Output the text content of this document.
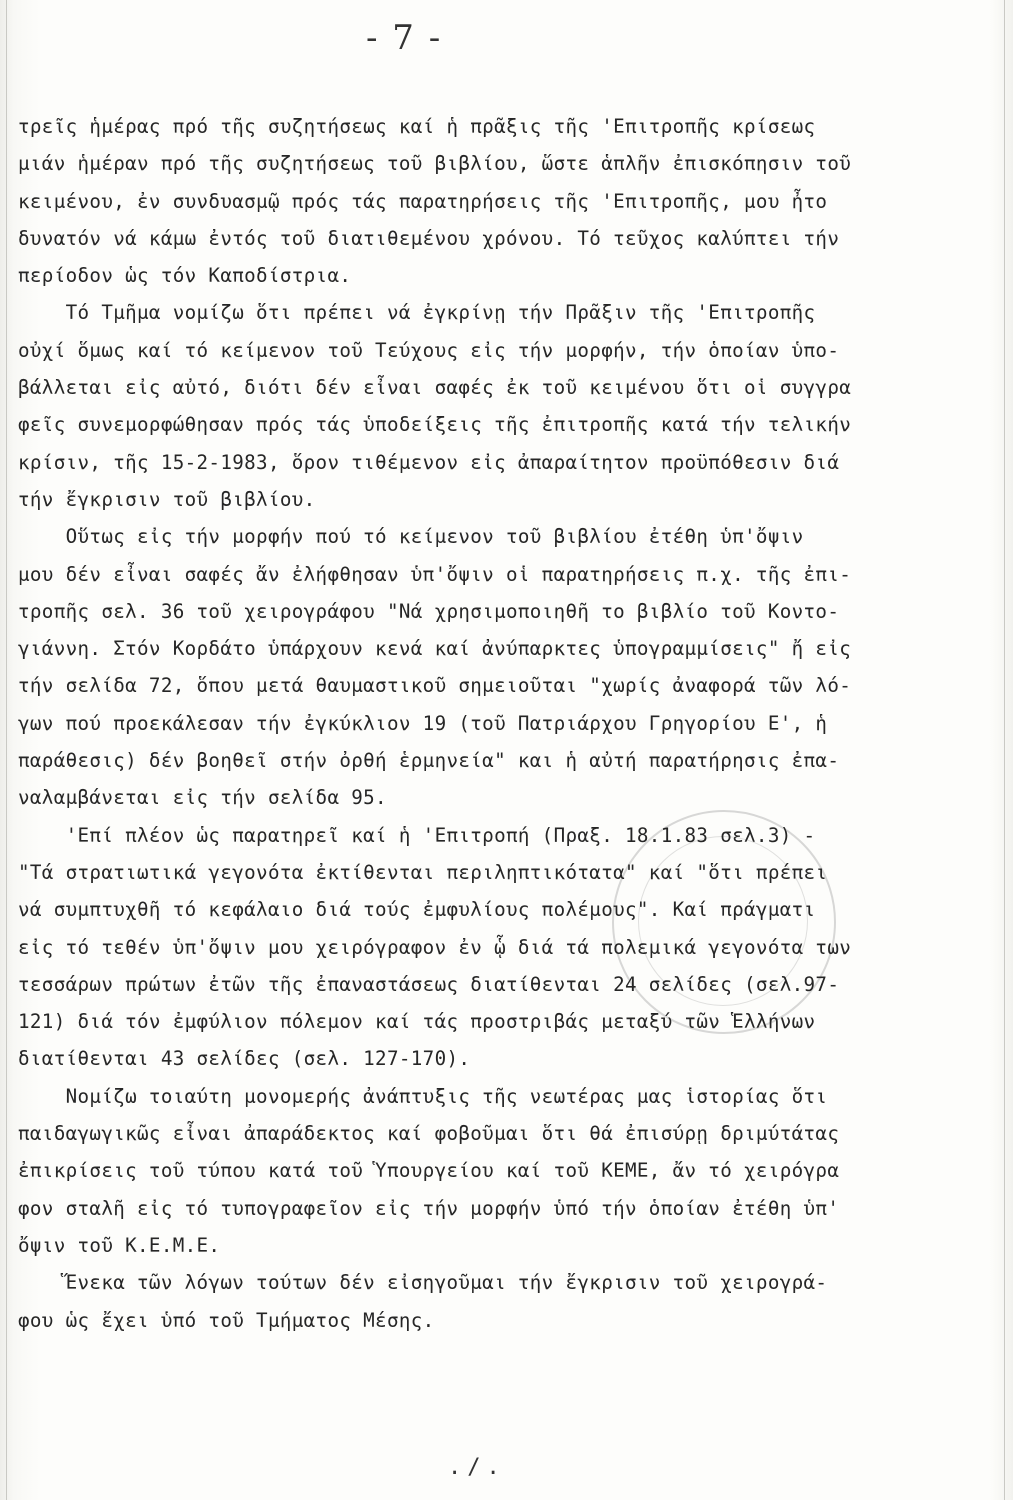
- 7 -
τρεῖς ἡμέρας πρό τῆς συζητήσεως καί ἡ πρᾶξις τῆς 'Επιτροπῆς κρίσεως
μιάν ἡμέραν πρό τῆς συζητήσεως τοῦ βιβλίου, ὥστε ἁπλῆν ἐπισκόπησιν τοῦ
κειμένου, ἐν συνδυασμῷ πρός τάς παρατηρήσεις τῆς 'Επιτροπῆς, μου ἦτο
δυνατόν νά κάμω ἐντός τοῦ διατιθεμένου χρόνου. Τό τεῦχος καλύπτει τήν
περίοδον ὡς τόν Καποδίστρια.
Τό Τμῆμα νομίζω ὅτι πρέπει νά ἐγκρίνῃ τήν Πρᾶξιν τῆς 'Επιτροπῆς
οὐχί ὅμως καί τό κείμενον τοῦ Τεύχους εἰς τήν μορφήν, τήν ὁποίαν ὑπο-
βάλλεται εἰς αὐτό, διότι δέν εἶναι σαφές ἐκ τοῦ κειμένου ὅτι οἱ συγγρα
φεῖς συνεμορφώθησαν πρός τάς ὑποδείξεις τῆς ἐπιτροπῆς κατά τήν τελικήν
κρίσιν, τῆς 15-2-1983, ὅρον τιθέμενον εἰς ἀπαραίτητον προϋπόθεσιν διά
τήν ἔγκρισιν τοῦ βιβλίου.
Οὕτως εἰς τήν μορφήν πού τό κείμενον τοῦ βιβλίου ἐτέθη ὑπ'ὄψιν
μου δέν εἶναι σαφές ἄν ἐλήφθησαν ὑπ'ὄψιν οἱ παρατηρήσεις π.χ. τῆς ἐπι-
τροπῆς σελ. 36 τοῦ χειρογράφου "Νά χρησιμοποιηθῆ το βιβλίο τοῦ Κοντο-
γιάννη. Στόν Κορδάτο ὑπάρχουν κενά καί ἀνύπαρκτες ὑπογραμμίσεις" ἤ εἰς
τήν σελίδα 72, ὅπου μετά θαυμαστικοῦ σημειοῦται "χωρίς ἀναφορά τῶν λό-
γων πού προεκάλεσαν τήν ἐγκύκλιον 19 (τοῦ Πατριάρχου Γρηγορίου Ε', ἡ
παράθεσις) δέν βοηθεῖ στήν ὀρθή ἑρμηνεία" και ἡ αὐτή παρατήρησις ἐπα-
ναλαμβάνεται εἰς τήν σελίδα 95.
'Επί πλέον ὡς παρατηρεῖ καί ἡ 'Επιτροπή (Πραξ. 18.1.83 σελ.3) -
"Τά στρατιωτικά γεγονότα ἐκτίθενται περιληπτικότατα" καί "ὅτι πρέπει
νά συμπτυχθῆ τό κεφάλαιο διά τούς ἐμφυλίους πολέμους". Καί πράγματι
εἰς τό τεθέν ὑπ'ὄψιν μου χειρόγραφον ἐν ᾧ διά τά πολεμικά γεγονότα των
τεσσάρων πρώτων ἐτῶν τῆς ἐπαναστάσεως διατίθενται 24 σελίδες (σελ.97-
121) διά τόν ἐμφύλιον πόλεμον καί τάς προστριβάς μεταξύ τῶν Ἑλλήνων
διατίθενται 43 σελίδες (σελ. 127-170).
Νομίζω τοιαύτη μονομερής ἀνάπτυξις τῆς νεωτέρας μας ἱστορίας ὅτι
παιδαγωγικῶς εἶναι ἀπαράδεκτος καί φοβοῦμαι ὅτι θά ἐπισύρῃ δριμύτάτας
ἐπικρίσεις τοῦ τύπου κατά τοῦ Ὑπουργείου καί τοῦ ΚΕΜΕ, ἄν τό χειρόγρα
φον σταλῆ εἰς τό τυπογραφεῖον εἰς τήν μορφήν ὑπό τήν ὁποίαν ἐτέθη ὑπ'
ὄψιν τοῦ Κ.Ε.Μ.Ε.
Ἕνεκα τῶν λόγων τούτων δέν εἰσηγοῦμαι τήν ἔγκρισιν τοῦ χειρογρά-
φου ὡς ἔχει ὑπό τοῦ Τμήματος Μέσης.
./.
